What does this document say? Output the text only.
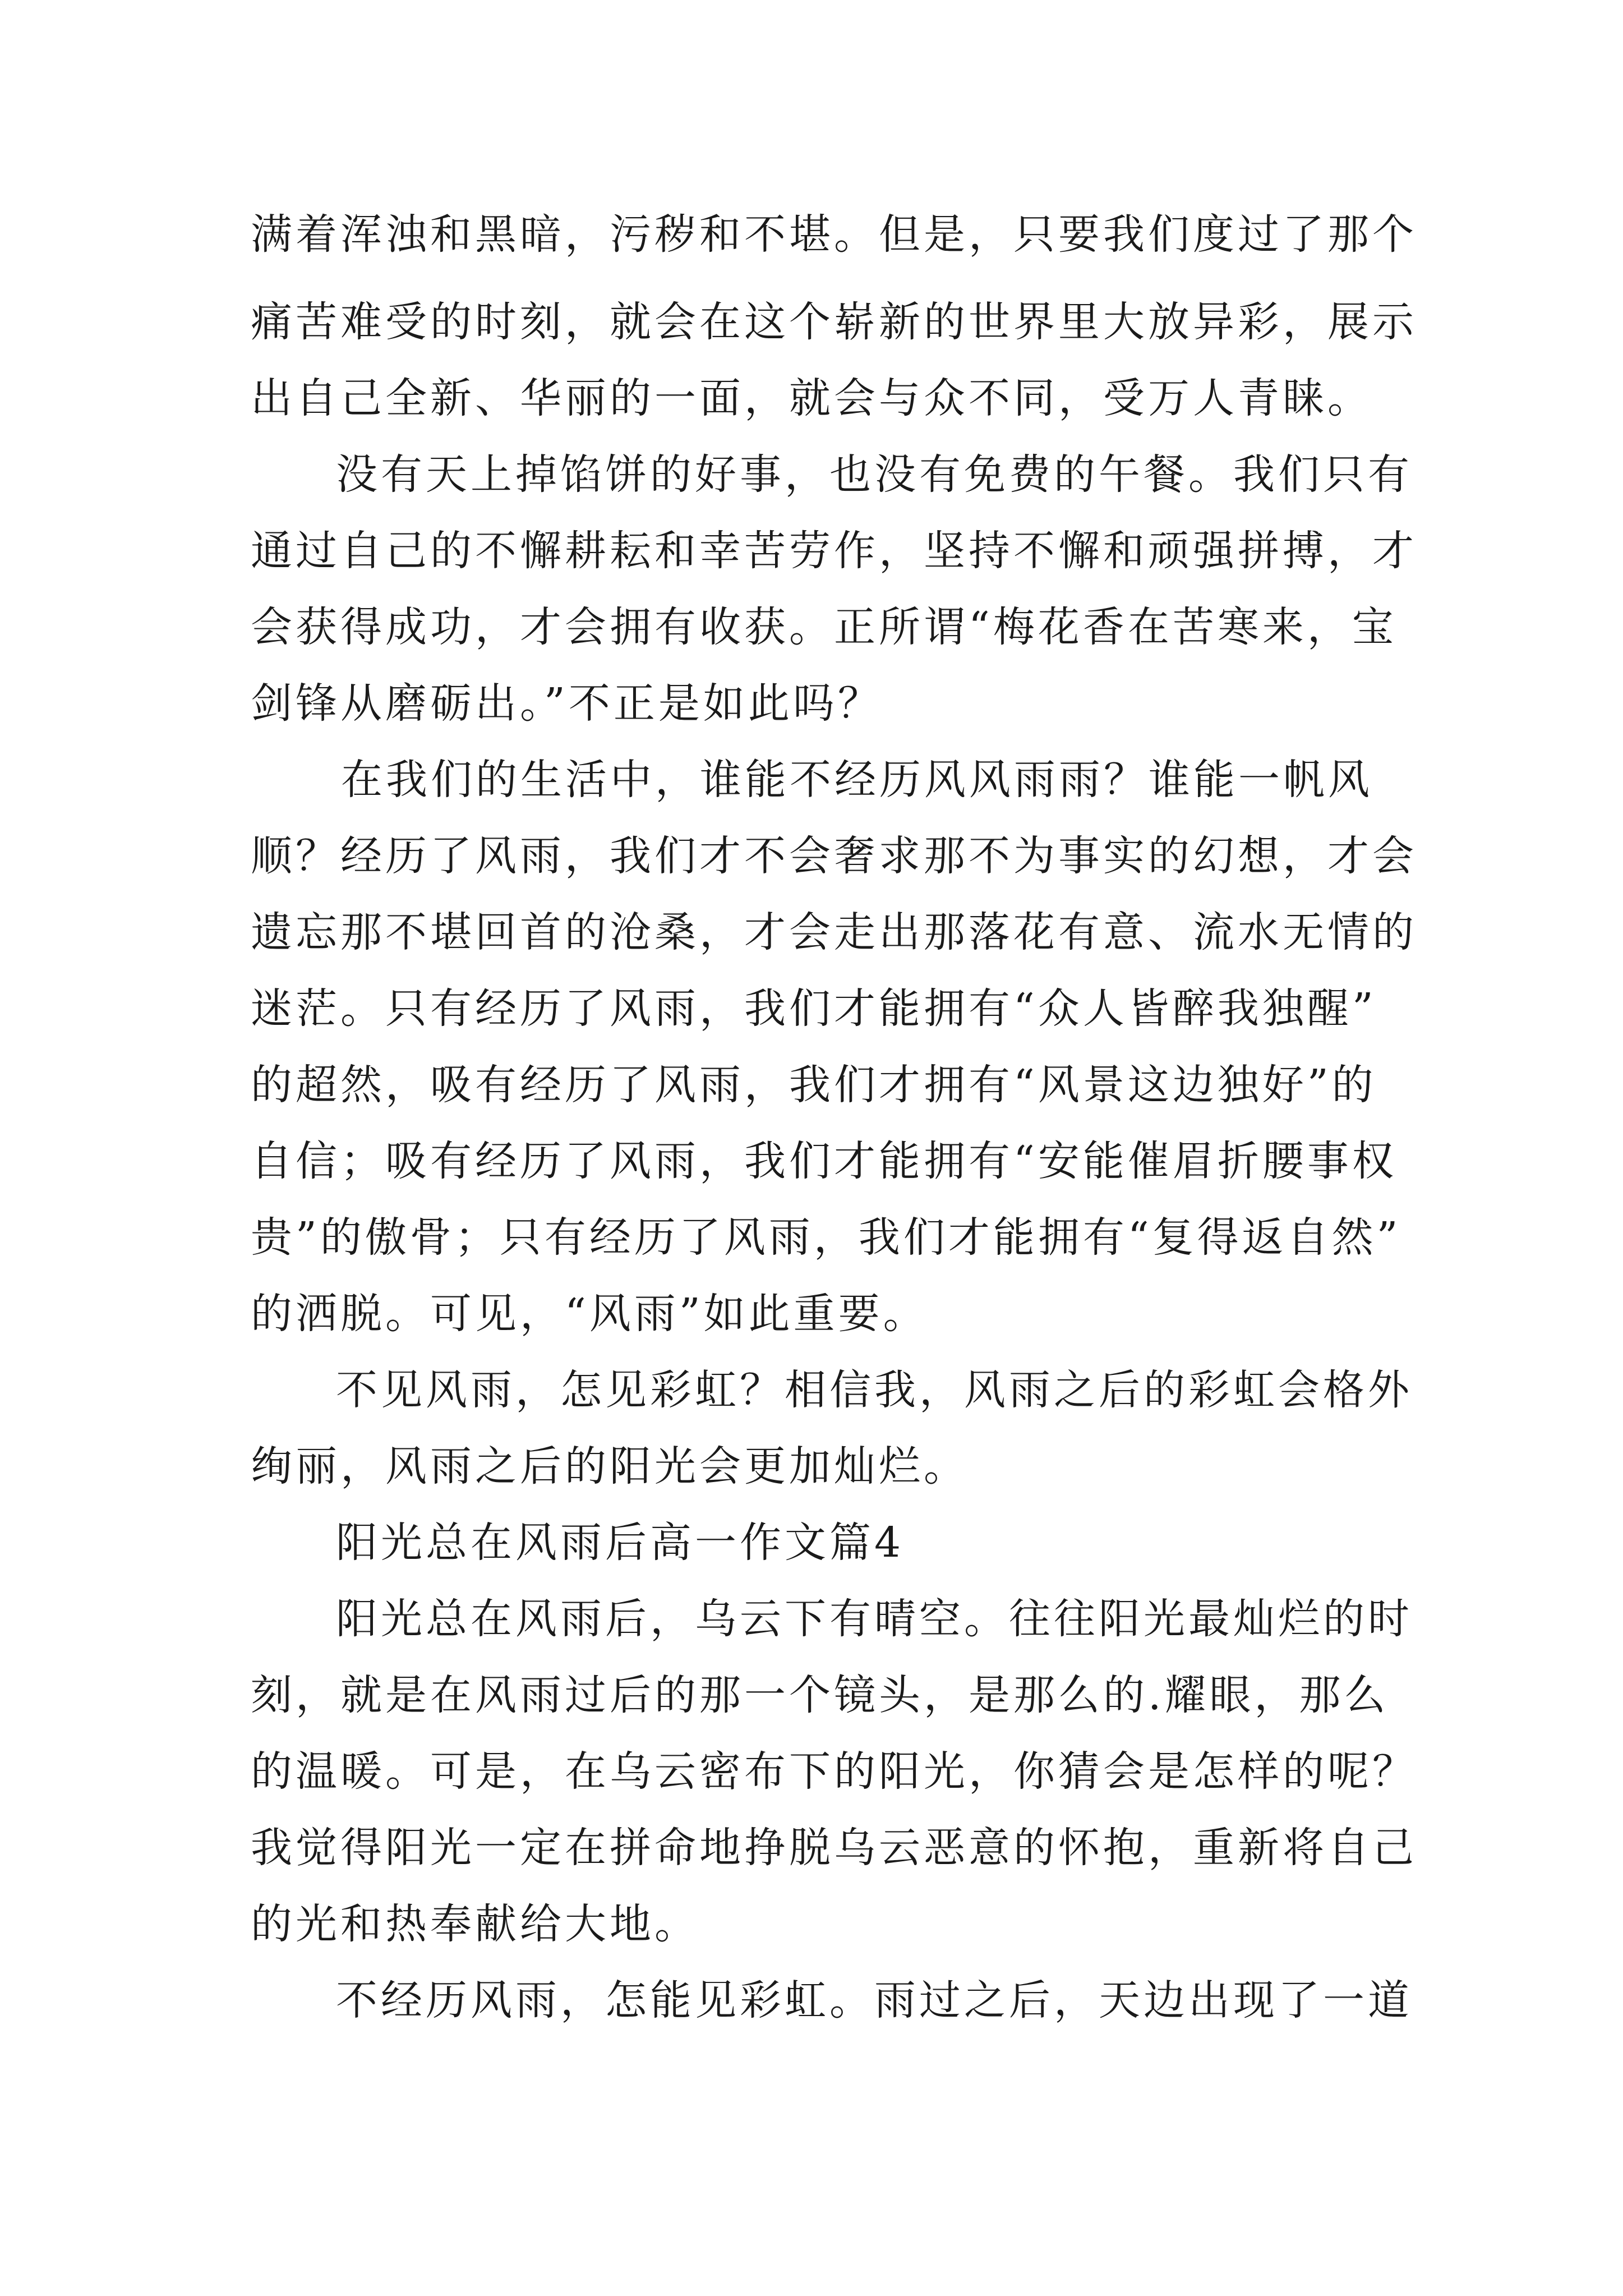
满着浑浊和黑暗，污秽和不堪。但是，只要我们度过了那个

痛苦难受的时刻，就会在这个崭新的世界里大放异彩，展示

出自己全新、华丽的一面，就会与众不同，受万人青睐。

没有天上掉馅饼的好事，也没有免费的午餐。我们只有

通过自己的不懈耕耘和幸苦劳作，坚持不懈和顽强拼搏，才

会获得成功，才会拥有收获。正所谓“梅花香在苦寒来，宝

剑锋从磨砺出。”不正是如此吗？

在我们的生活中，谁能不经历风风雨雨？谁能一帆风

顺？经历了风雨，我们才不会奢求那不为事实的幻想，才会

遗忘那不堪回首的沧桑，才会走出那落花有意、流水无情的

迷茫。只有经历了风雨，我们才能拥有“众人皆醉我独醒”

的超然，吸有经历了风雨，我们才拥有“风景这边独好”的

自信；吸有经历了风雨，我们才能拥有“安能催眉折腰事权

贵”的傲骨；只有经历了风雨，我们才能拥有“复得返自然”

的洒脱。可见，“风雨”如此重要。

不见风雨，怎见彩虹？相信我，风雨之后的彩虹会格外

绚丽，风雨之后的阳光会更加灿烂。

阳光总在风雨后高一作文篇4

阳光总在风雨后，乌云下有晴空。往往阳光最灿烂的时

刻，就是在风雨过后的那一个镜头，是那么的.耀眼，那么

的温暖。可是，在乌云密布下的阳光，你猜会是怎样的呢？

我觉得阳光一定在拼命地挣脱乌云恶意的怀抱，重新将自己

的光和热奉献给大地。

不经历风雨，怎能见彩虹。雨过之后，天边出现了一道
